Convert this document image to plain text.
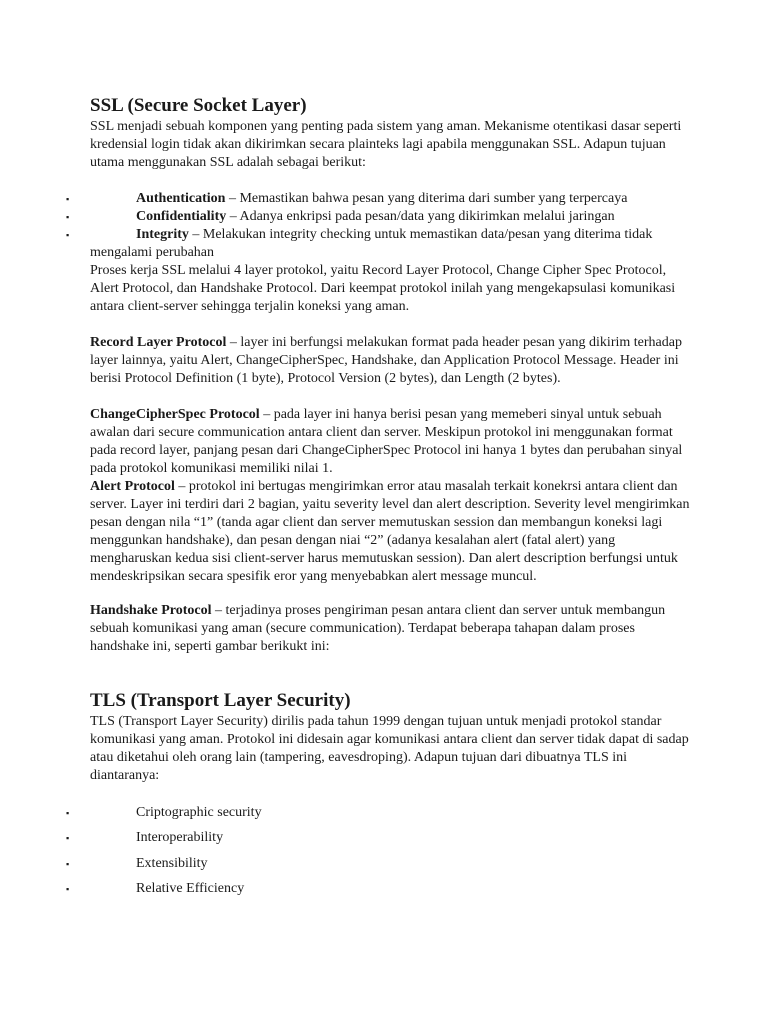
SSL (Secure Socket Layer)

SSL menjadi sebuah komponen yang penting pada sistem yang aman. Mekanisme otentikasi dasar seperti kredensial login tidak akan dikirimkan secara plainteks lagi apabila menggunakan SSL. Adapun tujuan utama menggunakan SSL adalah sebagai berikut:

▪	Authentication – Memastikan bahwa pesan yang diterima dari sumber yang terpercaya
▪	Confidentiality – Adanya enkripsi pada pesan/data yang dikirimkan melalui jaringan
▪	Integrity – Melakukan integrity checking untuk memastikan data/pesan yang diterima tidak mengalami perubahan

Proses kerja SSL melalui 4 layer protokol, yaitu Record Layer Protocol, Change Cipher Spec Protocol, Alert Protocol, dan Handshake Protocol. Dari keempat protokol inilah yang mengekapsulasi komunikasi antara client-server sehingga terjalin koneksi yang aman.

Record Layer Protocol – layer ini berfungsi melakukan format pada header pesan yang dikirim terhadap layer lainnya, yaitu Alert, ChangeCipherSpec, Handshake, dan Application Protocol Message. Header ini berisi Protocol Definition (1 byte), Protocol Version (2 bytes), dan Length (2 bytes).

ChangeCipherSpec Protocol – pada layer ini hanya berisi pesan yang memeberi sinyal untuk sebuah awalan dari secure communication antara client dan server. Meskipun protokol ini menggunakan format pada record layer, panjang pesan dari ChangeCipherSpec Protocol ini hanya 1 bytes dan perubahan sinyal pada protokol komunikasi memiliki nilai 1.

Alert Protocol – protokol ini bertugas mengirimkan error atau masalah terkait konekrsi antara client dan server. Layer ini terdiri dari 2 bagian, yaitu severity level dan alert description. Severity level mengirimkan pesan dengan nila “1” (tanda agar client dan server memutuskan session dan membangun koneksi lagi menggunkan handshake), dan pesan dengan niai “2” (adanya kesalahan alert (fatal alert) yang mengharuskan kedua sisi client-server harus memutuskan session). Dan alert description berfungsi untuk mendeskripsikan secara spesifik eror yang menyebabkan alert message muncul.

Handshake Protocol – terjadinya proses pengiriman pesan antara client dan server untuk membangun sebuah komunikasi yang aman (secure communication). Terdapat beberapa tahapan dalam proses handshake ini, seperti gambar berikukt ini:

TLS (Transport Layer Security)

TLS (Transport Layer Security) dirilis pada tahun 1999 dengan tujuan untuk menjadi protokol standar komunikasi yang aman. Protokol ini didesain agar komunikasi antara client dan server tidak dapat di sadap atau diketahui oleh orang lain (tampering, eavesdroping). Adapun tujuan dari dibuatnya TLS ini diantaranya:

▪	Criptographic security
▪	Interoperability
▪	Extensibility
▪	Relative Efficiency
